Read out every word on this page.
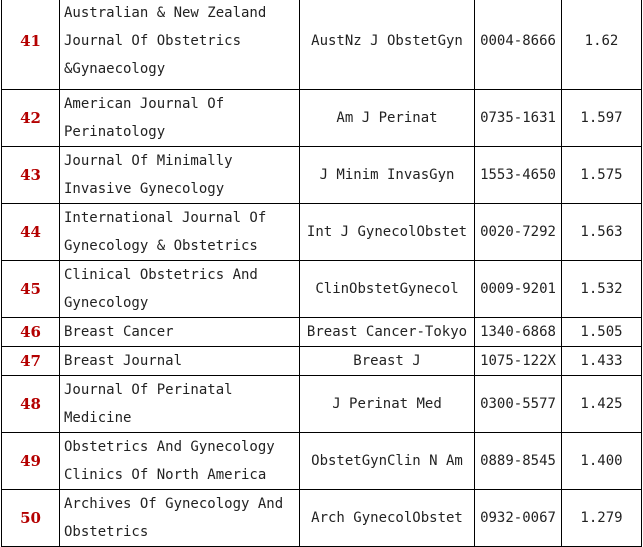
41	Australian & New Zealand Journal Of Obstetrics &Gynaecology	AustNz J ObstetGyn	0004-8666	1.62
42	American Journal Of Perinatology	Am J Perinat	0735-1631	1.597
43	Journal Of Minimally Invasive Gynecology	J Minim InvasGyn	1553-4650	1.575
44	International Journal Of Gynecology & Obstetrics	Int J GynecolObstet	0020-7292	1.563
45	Clinical Obstetrics And Gynecology	ClinObstetGynecol	0009-9201	1.532
46	Breast Cancer	Breast Cancer-Tokyo	1340-6868	1.505
47	Breast Journal	Breast J	1075-122X	1.433
48	Journal Of Perinatal Medicine	J Perinat Med	0300-5577	1.425
49	Obstetrics And Gynecology Clinics Of North America	ObstetGynClin N Am	0889-8545	1.400
50	Archives Of Gynecology And Obstetrics	Arch GynecolObstet	0932-0067	1.279
